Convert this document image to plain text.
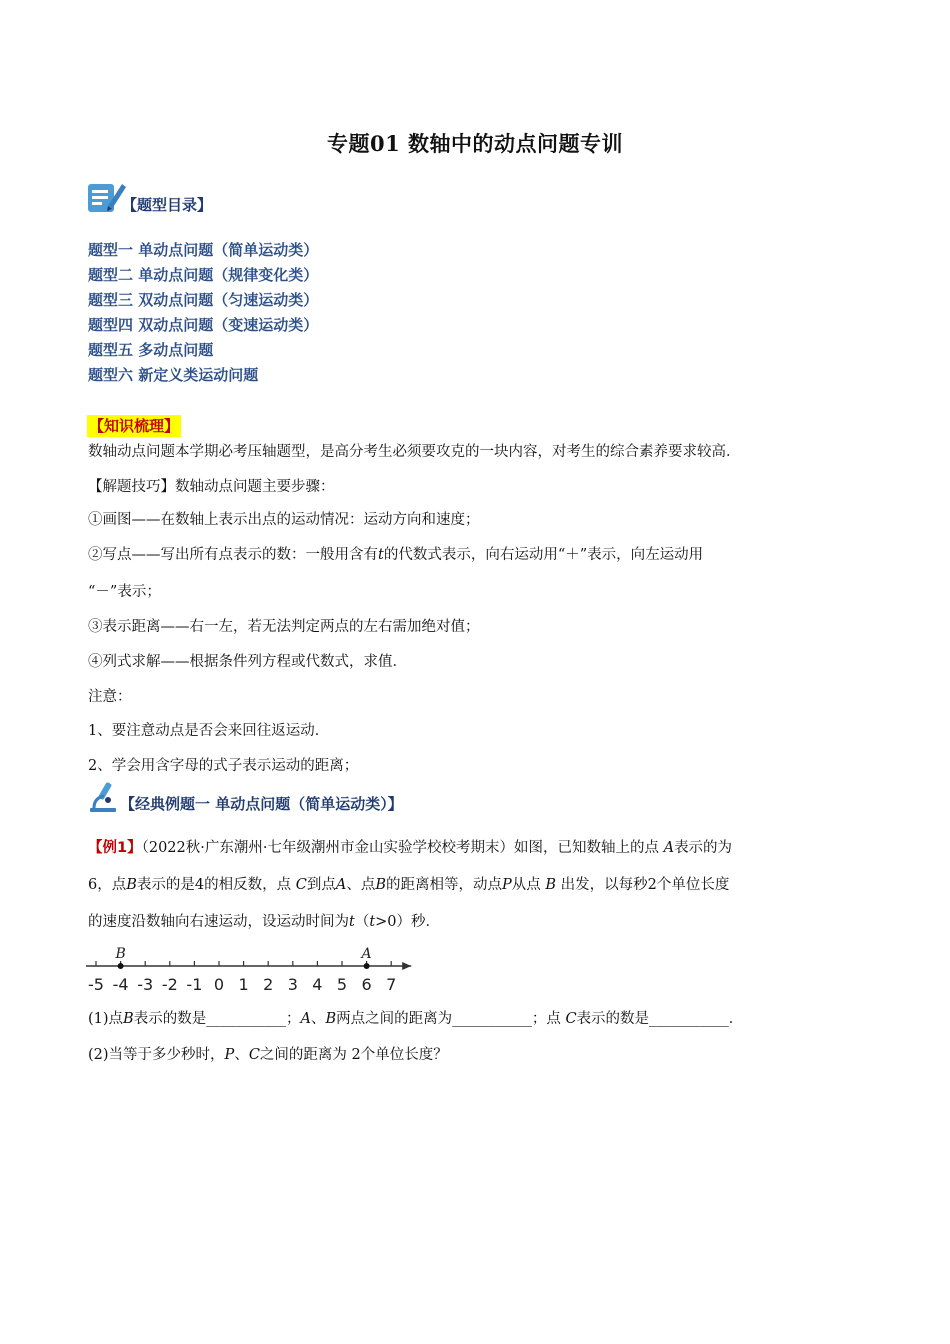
专题01 数轴中的动点问题专训
【题型目录】
题型一 单动点问题（简单运动类）
题型二 单动点问题（规律变化类）
题型三 双动点问题（匀速运动类）
题型四 双动点问题（变速运动类）
题型五 多动点问题
题型六 新定义类运动问题
【知识梳理】
数轴动点问题本学期必考压轴题型，是高分考生必须要攻克的一块内容，对考生的综合素养要求较高．
【解题技巧】数轴动点问题主要步骤：
①画图——在数轴上表示出点的运动情况：运动方向和速度；
②写点——写出所有点表示的数：一般用含有t的代数式表示，向右运动用“＋”表示，向左运动用
“－”表示；
③表示距离——右一左，若无法判定两点的左右需加绝对值；
④列式求解——根据条件列方程或代数式，求值．
注意：
1、要注意动点是否会来回往返运动．
2、学会用含字母的式子表示运动的距离；
【经典例题一 单动点问题（简单运动类）】
【例1】（2022秋·广东潮州·七年级潮州市金山实验学校校考期末）如图，已知数轴上的点 A表示的为
6，点B表示的是4的相反数，点 C到点A、点B的距离相等，动点P从点 B 出发，以每秒2个单位长度
的速度沿数轴向右速运动，设运动时间为t（t>0）秒．
-5 -4 -3 -2 -1 0 1 2 3 4 5 6 7
B	A
(1)点B表示的数是___________；A、B两点之间的距离为___________；点 C表示的数是___________．
(2)当等于多少秒时，P、C之间的距离为 2个单位长度？
